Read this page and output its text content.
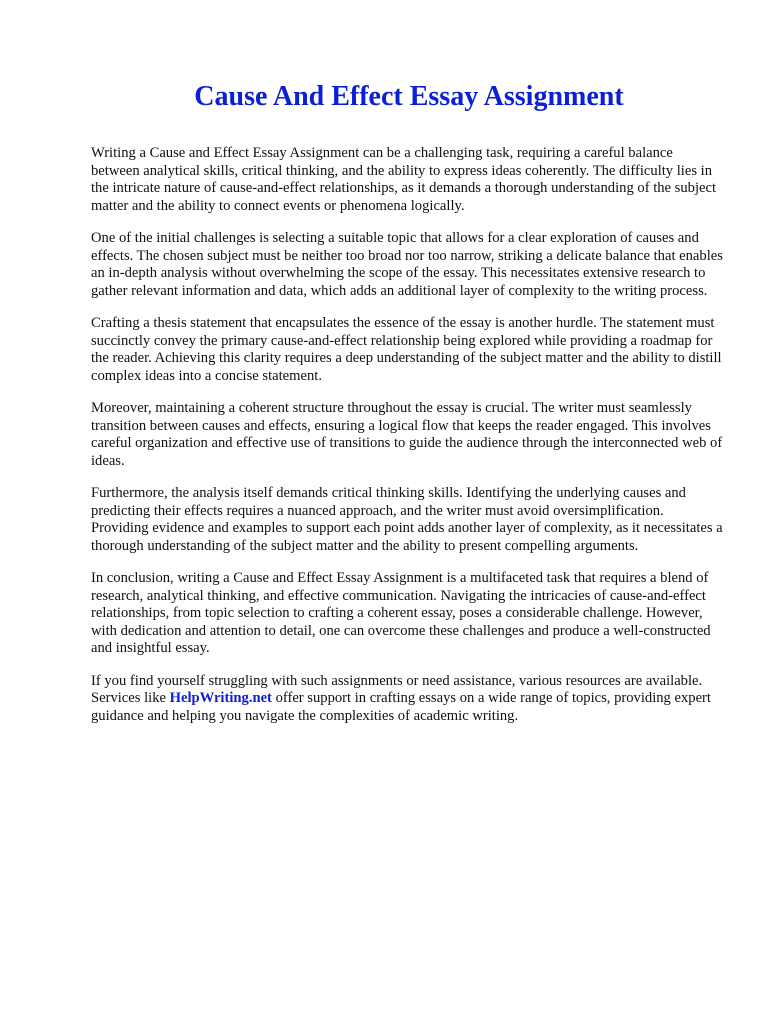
Cause And Effect Essay Assignment

Writing a Cause and Effect Essay Assignment can be a challenging task, requiring a careful balance between analytical skills, critical thinking, and the ability to express ideas coherently. The difficulty lies in the intricate nature of cause-and-effect relationships, as it demands a thorough understanding of the subject matter and the ability to connect events or phenomena logically.

One of the initial challenges is selecting a suitable topic that allows for a clear exploration of causes and effects. The chosen subject must be neither too broad nor too narrow, striking a delicate balance that enables an in-depth analysis without overwhelming the scope of the essay. This necessitates extensive research to gather relevant information and data, which adds an additional layer of complexity to the writing process.

Crafting a thesis statement that encapsulates the essence of the essay is another hurdle. The statement must succinctly convey the primary cause-and-effect relationship being explored while providing a roadmap for the reader. Achieving this clarity requires a deep understanding of the subject matter and the ability to distill complex ideas into a concise statement.

Moreover, maintaining a coherent structure throughout the essay is crucial. The writer must seamlessly transition between causes and effects, ensuring a logical flow that keeps the reader engaged. This involves careful organization and effective use of transitions to guide the audience through the interconnected web of ideas.

Furthermore, the analysis itself demands critical thinking skills. Identifying the underlying causes and predicting their effects requires a nuanced approach, and the writer must avoid oversimplification. Providing evidence and examples to support each point adds another layer of complexity, as it necessitates a thorough understanding of the subject matter and the ability to present compelling arguments.

In conclusion, writing a Cause and Effect Essay Assignment is a multifaceted task that requires a blend of research, analytical thinking, and effective communication. Navigating the intricacies of cause-and-effect relationships, from topic selection to crafting a coherent essay, poses a considerable challenge. However, with dedication and attention to detail, one can overcome these challenges and produce a well-constructed and insightful essay.

If you find yourself struggling with such assignments or need assistance, various resources are available. Services like HelpWriting.net offer support in crafting essays on a wide range of topics, providing expert guidance and helping you navigate the complexities of academic writing.
